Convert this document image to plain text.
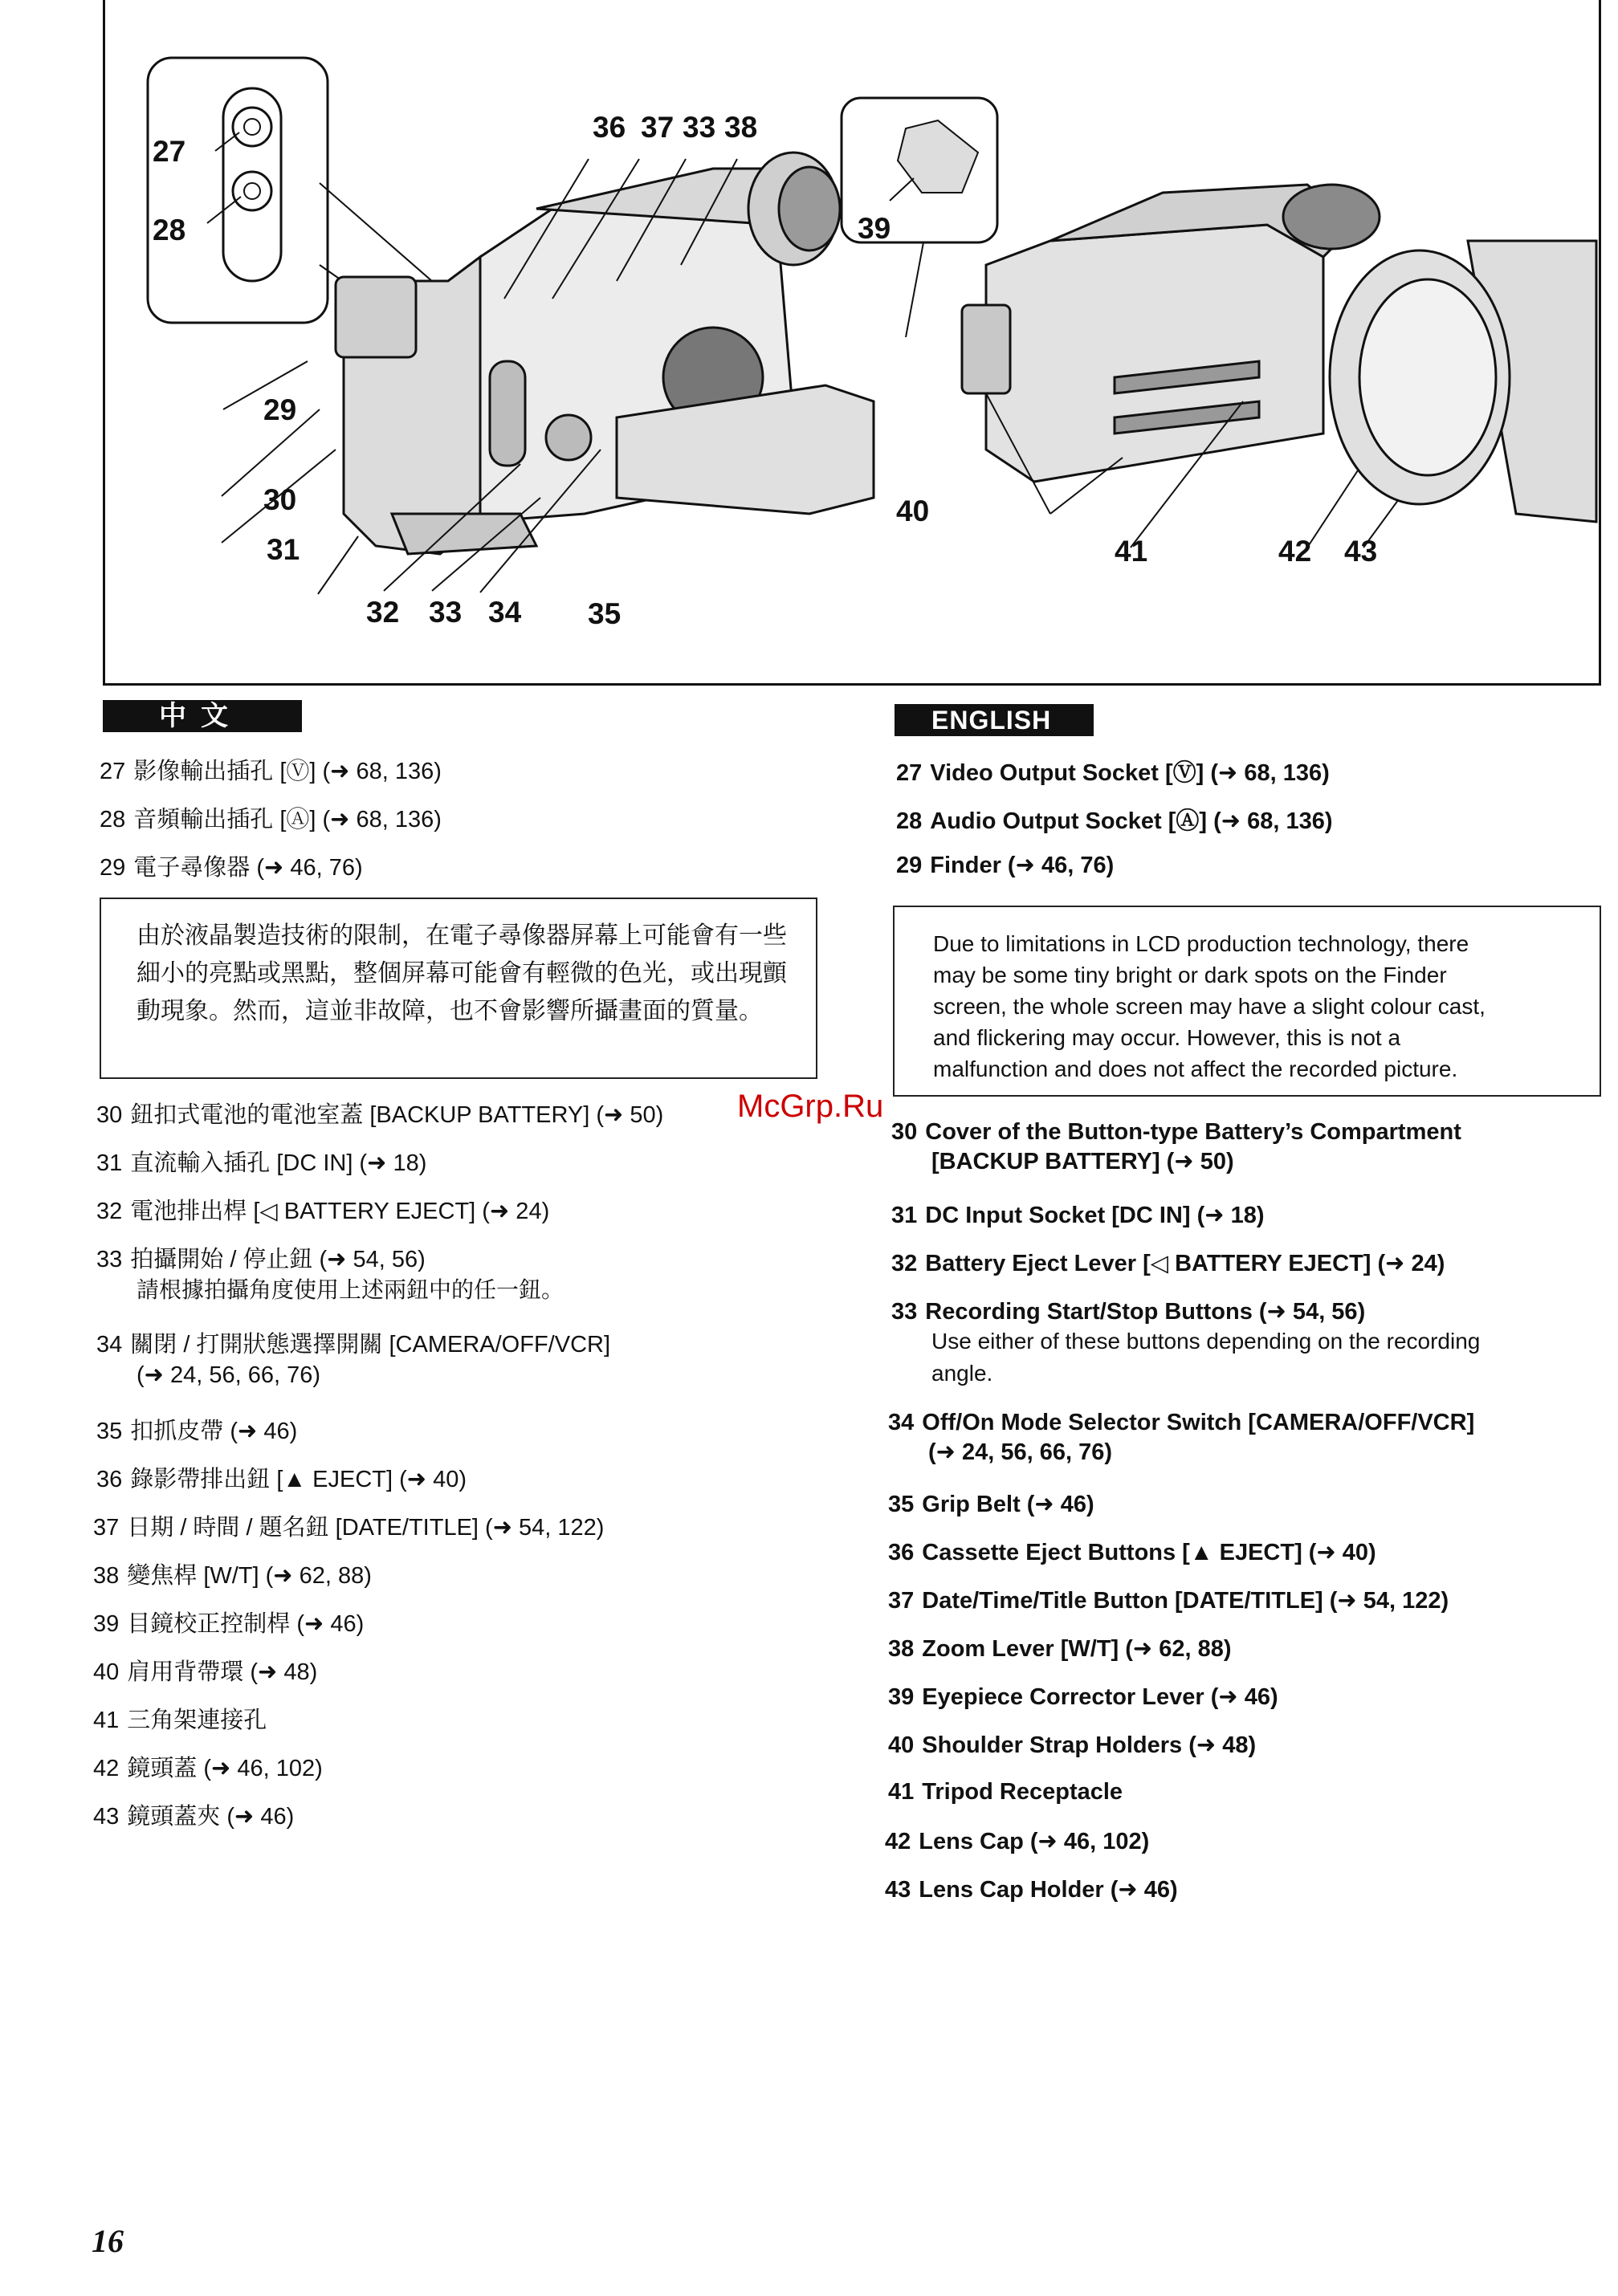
27
28
29
30
31
32 33 34 35
36 37 33 38
39
40
41	42 43
中文
27 影像輸出插孔 [Ⓥ] (➜ 68, 136)
28 音頻輸出插孔 [Ⓐ] (➜ 68, 136)
29 電子尋像器 (➜ 46, 76)
由於液晶製造技術的限制，在電子尋像器屏幕上可能會有一些細小的亮點或黑點，整個屏幕可能會有輕微的色光，或出現顫動現象。然而，這並非故障，也不會影響所攝畫面的質量。
30 鈕扣式電池的電池室蓋 [BACKUP BATTERY] (➜ 50)
31 直流輸入插孔 [DC IN] (➜ 18)
32 電池排出桿 [◁ BATTERY EJECT] (➜ 24)
33 拍攝開始 / 停止鈕 (➜ 54, 56)
請根據拍攝角度使用上述兩鈕中的任一鈕。
34 關閉 / 打開狀態選擇開關 [CAMERA/OFF/VCR]
(➜ 24, 56, 66, 76)
35 扣抓皮帶 (➜ 46)
36 錄影帶排出鈕 [▲ EJECT] (➜ 40)
37 日期 / 時間 / 題名鈕 [DATE/TITLE] (➜ 54, 122)
38 變焦桿 [W/T] (➜ 62, 88)
39 目鏡校正控制桿 (➜ 46)
40 肩用背帶環 (➜ 48)
41 三角架連接孔
42 鏡頭蓋 (➜ 46, 102)
43 鏡頭蓋夾 (➜ 46)
ENGLISH
27 Video Output Socket [Ⓥ] (➜ 68, 136)
28 Audio Output Socket [Ⓐ] (➜ 68, 136)
29 Finder (➜ 46, 76)
Due to limitations in LCD production technology, there
may be some tiny bright or dark spots on the Finder
screen, the whole screen may have a slight colour cast,
and flickering may occur. However, this is not a
malfunction and does not affect the recorded picture.
30 Cover of the Button-type Battery’s Compartment
[BACKUP BATTERY] (➜ 50)
31 DC Input Socket [DC IN] (➜ 18)
32 Battery Eject Lever [◁ BATTERY EJECT] (➜ 24)
33 Recording Start/Stop Buttons (➜ 54, 56)
Use either of these buttons depending on the recording
angle.
34 Off/On Mode Selector Switch [CAMERA/OFF/VCR]
(➜ 24, 56, 66, 76)
35 Grip Belt (➜ 46)
36 Cassette Eject Buttons [▲ EJECT] (➜ 40)
37 Date/Time/Title Button [DATE/TITLE] (➜ 54, 122)
38 Zoom Lever [W/T] (➜ 62, 88)
39 Eyepiece Corrector Lever (➜ 46)
40 Shoulder Strap Holders (➜ 48)
41 Tripod Receptacle
42 Lens Cap (➜ 46, 102)
43 Lens Cap Holder (➜ 46)
McGrp.Ru
16
